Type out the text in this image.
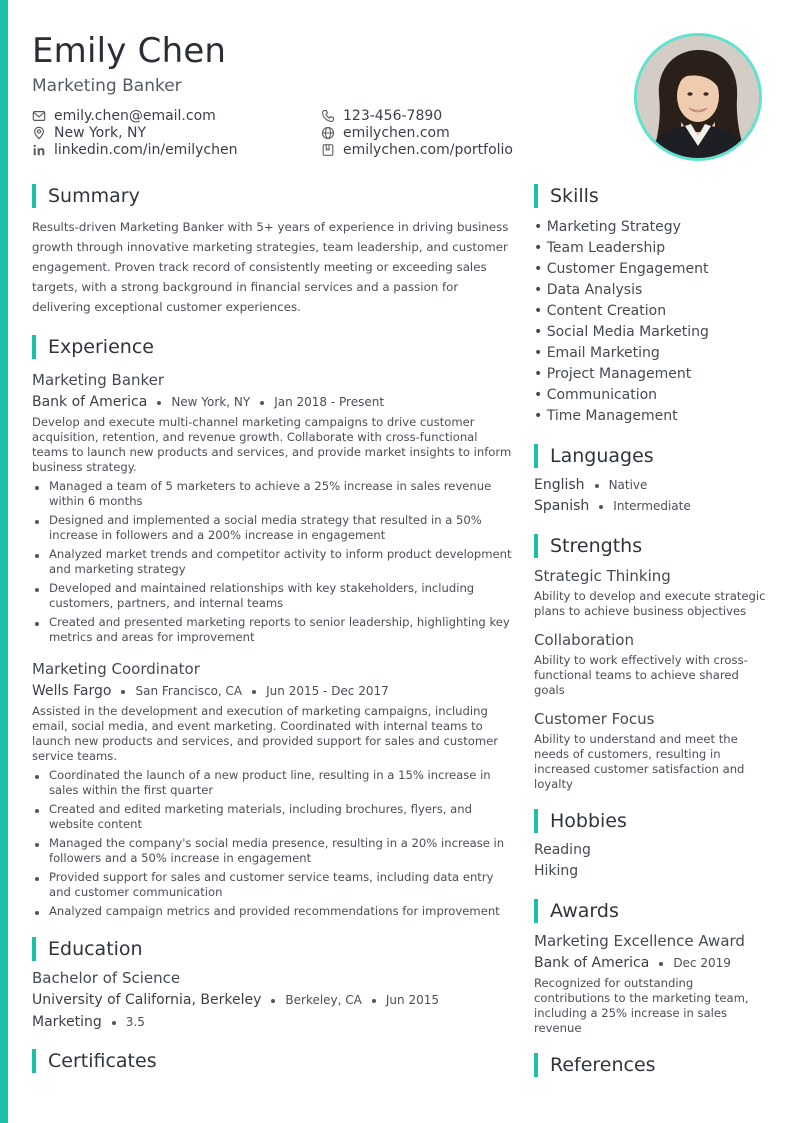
Emily Chen
Marketing Banker
emily.chen@email.com	123-456-7890
New York, NY	emilychen.com
linkedin.com/in/emilychen	emilychen.com/portfolio
Summary
Results-driven Marketing Banker with 5+ years of experience in driving business growth through innovative marketing strategies, team leadership, and customer engagement. Proven track record of consistently meeting or exceeding sales targets, with a strong background in financial services and a passion for delivering exceptional customer experiences.
Experience
Marketing Banker
Bank of America New York, NY Jan 2018 - Present
Develop and execute multi-channel marketing campaigns to drive customer acquisition, retention, and revenue growth. Collaborate with cross-functional teams to launch new products and services, and provide market insights to inform business strategy.
Managed a team of 5 marketers to achieve a 25% increase in sales revenue within 6 months
Designed and implemented a social media strategy that resulted in a 50% increase in followers and a 200% increase in engagement
Analyzed market trends and competitor activity to inform product development and marketing strategy
Developed and maintained relationships with key stakeholders, including customers, partners, and internal teams
Created and presented marketing reports to senior leadership, highlighting key metrics and areas for improvement
Marketing Coordinator
Wells Fargo San Francisco, CA Jun 2015 - Dec 2017
Assisted in the development and execution of marketing campaigns, including email, social media, and event marketing. Coordinated with internal teams to launch new products and services, and provided support for sales and customer service teams.
Coordinated the launch of a new product line, resulting in a 15% increase in sales within the first quarter
Created and edited marketing materials, including brochures, flyers, and website content
Managed the company's social media presence, resulting in a 20% increase in followers and a 50% increase in engagement
Provided support for sales and customer service teams, including data entry and customer communication
Analyzed campaign metrics and provided recommendations for improvement
Education
Bachelor of Science
University of California, Berkeley Berkeley, CA Jun 2015
Marketing 3.5
Certificates
Skills
• Marketing Strategy
• Team Leadership
• Customer Engagement
• Data Analysis
• Content Creation
• Social Media Marketing
• Email Marketing
• Project Management
• Communication
• Time Management
Languages
English Native
Spanish Intermediate
Strengths
Strategic Thinking
Ability to develop and execute strategic plans to achieve business objectives
Collaboration
Ability to work effectively with cross-functional teams to achieve shared goals
Customer Focus
Ability to understand and meet the needs of customers, resulting in increased customer satisfaction and loyalty
Hobbies
Reading
Hiking
Awards
Marketing Excellence Award
Bank of America Dec 2019
Recognized for outstanding contributions to the marketing team, including a 25% increase in sales revenue
References
